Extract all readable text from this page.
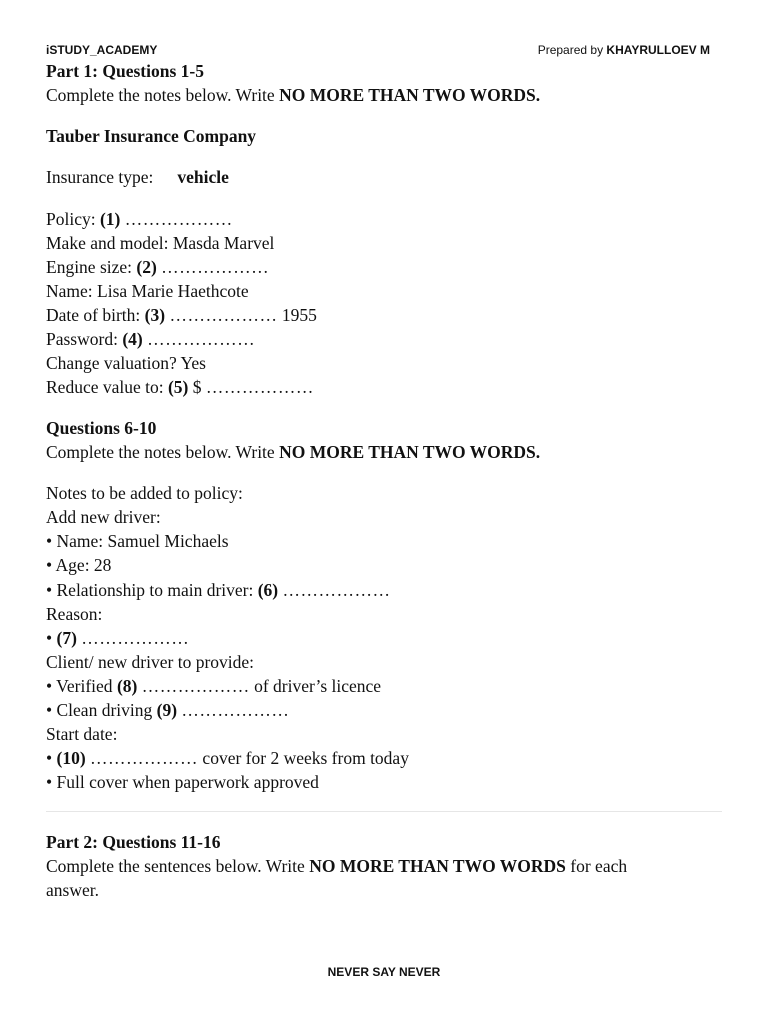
iSTUDY_ACADEMY	Prepared by KHAYRULLOEV M
Part 1: Questions 1-5
Complete the notes below. Write NO MORE THAN TWO WORDS.
Tauber Insurance Company
Insurance type: vehicle
Policy: (1) ………………
Make and model: Masda Marvel
Engine size: (2) ………………
Name: Lisa Marie Haethcote
Date of birth: (3) ……………… 1955
Password: (4) ………………
Change valuation? Yes
Reduce value to: (5) $ ………………
Questions 6-10
Complete the notes below. Write NO MORE THAN TWO WORDS.
Notes to be added to policy:
Add new driver:
• Name: Samuel Michaels
• Age: 28
• Relationship to main driver: (6) ………………
Reason:
• (7) ………………
Client/ new driver to provide:
• Verified (8) ……………… of driver’s licence
• Clean driving (9) ………………
Start date:
• (10) ……………… cover for 2 weeks from today
• Full cover when paperwork approved
Part 2: Questions 11-16
Complete the sentences below. Write NO MORE THAN TWO WORDS for each
answer.
NEVER SAY NEVER
